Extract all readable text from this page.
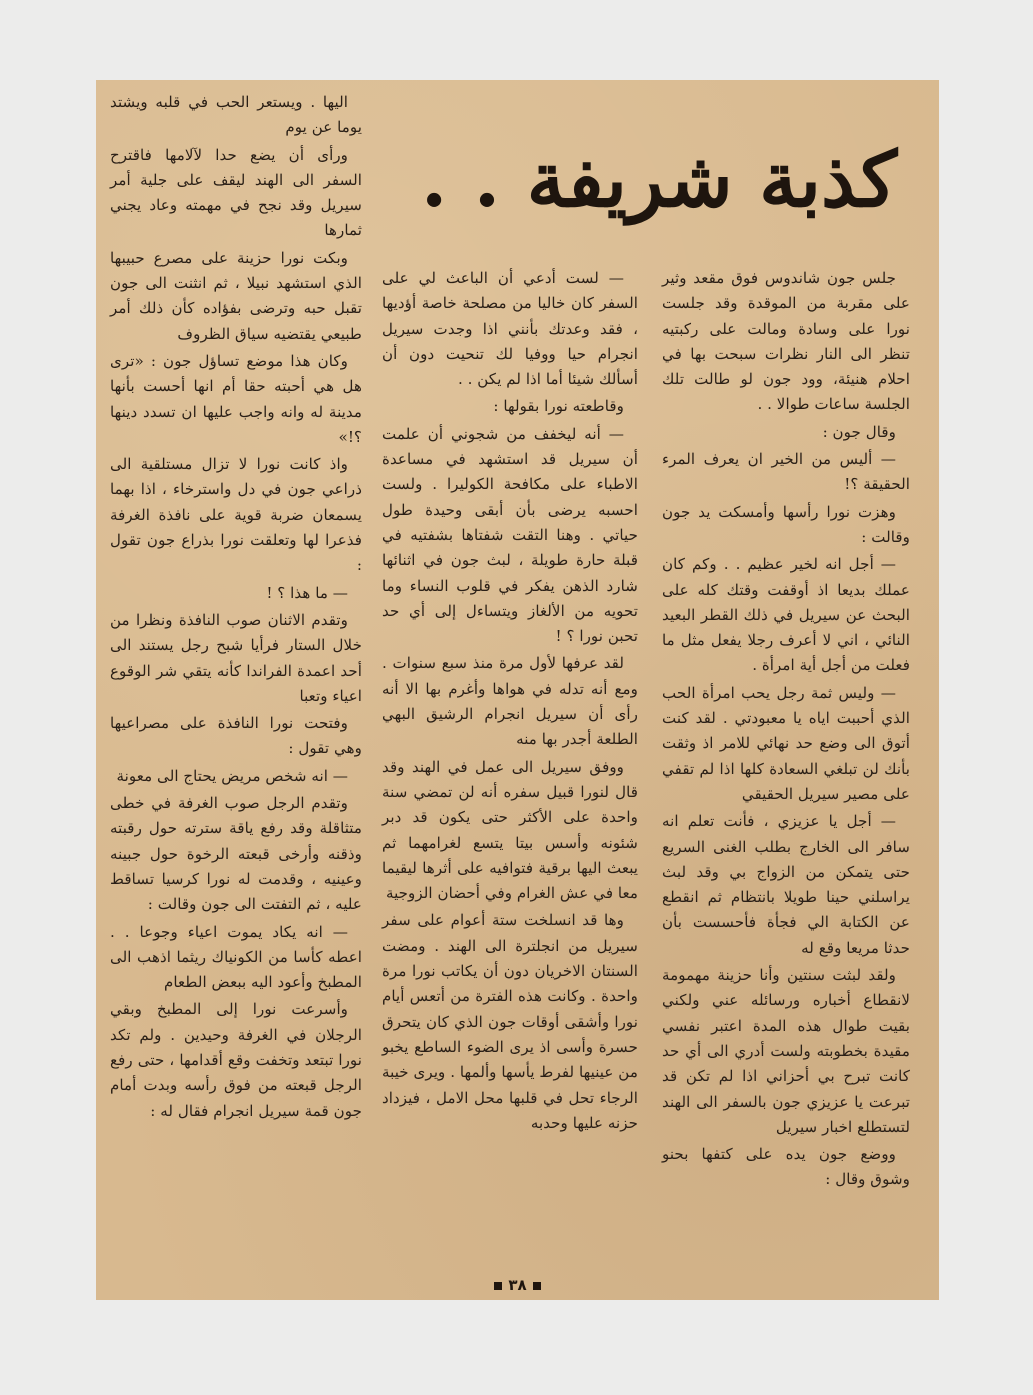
كذبة شريفة . .

جلس جون شاندوس فوق مقعد وثير على مقربة من الموقدة وقد جلست نورا على وسادة ومالت على ركبتيه تنظر الى النار نظرات سبحت بها في احلام هنيئة، وود جون لو طالت تلك الجلسة ساعات طوالا . .

وقال جون :

— أليس من الخير ان يعرف المرء الحقيقة ؟!

وهزت نورا رأسها وأمسكت يد جون وقالت :

— أجل انه لخير عظيم . . وكم كان عملك بديعا اذ أوقفت وقتك كله على البحث عن سيريل في ذلك القطر البعيد النائي ، اني لا أعرف رجلا يفعل مثل ما فعلت من أجل أية امرأة .

— وليس ثمة رجل يحب امرأة الحب الذي أحببت اياه يا معبودتي . لقد كنت أتوق الى وضع حد نهائي للامر اذ وثقت بأنك لن تبلغي السعادة كلها اذا لم تقفي على مصير سيريل الحقيقي

— أجل يا عزيزي ، فأنت تعلم انه سافر الى الخارج بطلب الغنى السريع حتى يتمكن من الزواج بي وقد لبث يراسلني حينا طويلا بانتظام ثم انقطع عن الكتابة الي فجأة فأحسست بأن حدثا مريعا وقع له

ولقد لبثت سنتين وأنا حزينة مهمومة لانقطاع أخباره ورسائله عني ولكني بقيت طوال هذه المدة اعتبر نفسي مقيدة بخطوبته ولست أدري الى أي حد كانت تبرح بي أحزاني اذا لم تكن قد تبرعت يا عزيزي جون بالسفر الى الهند لتستطلع اخبار سيريل

ووضع جون يده على كتفها بحنو وشوق وقال :

— لست أدعي أن الباعث لي على السفر كان خاليا من مصلحة خاصة أؤديها ، فقد وعدتك بأنني اذا وجدت سيريل انجرام حيا ووفيا لك تنحيت دون أن أسألك شيئا أما اذا لم يكن . .

وقاطعته نورا بقولها :

— أنه ليخفف من شجوني أن علمت أن سيريل قد استشهد في مساعدة الاطباء على مكافحة الكوليرا . ولست احسبه يرضى بأن أبقى وحيدة طول حياتي . وهنا التقت شفتاها بشفتيه في قبلة حارة طويلة ، لبث جون في اثنائها شارد الذهن يفكر في قلوب النساء وما تحويه من الألغاز ويتساءل إلى أي حد تحبن نورا ؟ !

لقد عرفها لأول مرة منذ سبع سنوات . ومع أنه تدله في هواها وأغرم بها الا أنه رأى أن سيريل انجرام الرشيق البهي الطلعة أجدر بها منه

ووفق سيريل الى عمل في الهند وقد قال لنورا قبيل سفره أنه لن تمضي سنة واحدة على الأكثر حتى يكون قد دبر شئونه وأسس بيتا يتسع لغرامهما ثم يبعث اليها برقية فتوافيه على أثرها ليقيما معا في عش الغرام وفي أحضان الزوجية

وها قد انسلخت ستة أعوام على سفر سيريل من انجلترة الى الهند . ومضت السنتان الاخريان دون أن يكاتب نورا مرة واحدة . وكانت هذه الفترة من أتعس أيام نورا وأشقى أوقات جون الذي كان يتحرق حسرة وأسى اذ يرى الضوء الساطع يخبو من عينيها لفرط يأسها وألمها . ويرى خيبة الرجاء تحل في قلبها محل الامل ، فيزداد حزنه عليها وحدبه

اليها . ويستعر الحب في قلبه ويشتد يوما عن يوم

ورأى أن يضع حدا لآلامها فاقترح السفر الى الهند ليقف على جلية أمر سيريل وقد نجح في مهمته وعاد يجني ثمارها

وبكت نورا حزينة على مصرع حبيبها الذي استشهد نبيلا ، ثم انثنت الى جون تقبل حبه وترضى بفؤاده كأن ذلك أمر طبيعي يقتضيه سياق الظروف

وكان هذا موضع تساؤل جون : «ترى هل هي أحبته حقا أم انها أحست بأنها مدينة له وانه واجب عليها ان تسدد دينها ؟!»

واذ كانت نورا لا تزال مستلقية الى ذراعي جون في دل واسترخاء ، اذا بهما يسمعان ضربة قوية على نافذة الغرفة فذعرا لها وتعلقت نورا بذراع جون تقول :

— ما هذا ؟ !

وتقدم الاثنان صوب النافذة ونظرا من خلال الستار فرأيا شبح رجل يستند الى أحد اعمدة الفراندا كأنه يتقي شر الوقوع اعياء وتعبا

وفتحت نورا النافذة على مصراعيها وهي تقول :

— انه شخص مريض يحتاج الى معونة

وتقدم الرجل صوب الغرفة في خطى متثاقلة وقد رفع ياقة سترته حول رقبته وذقنه وأرخى قبعته الرخوة حول جبينه وعينيه ، وقدمت له نورا كرسيا تساقط عليه ، ثم التفتت الى جون وقالت :

— انه يكاد يموت اعياء وجوعا . . اعطه كأسا من الكونياك ريثما اذهب الى المطبخ وأعود اليه ببعض الطعام

وأسرعت نورا إلى المطبخ وبقي الرجلان في الغرفة وحيدين . ولم تكد نورا تبتعد وتخفت وقع أقدامها ، حتى رفع الرجل قبعته من فوق رأسه وبدت أمام جون قمة سيريل انجرام فقال له :

٣٨
